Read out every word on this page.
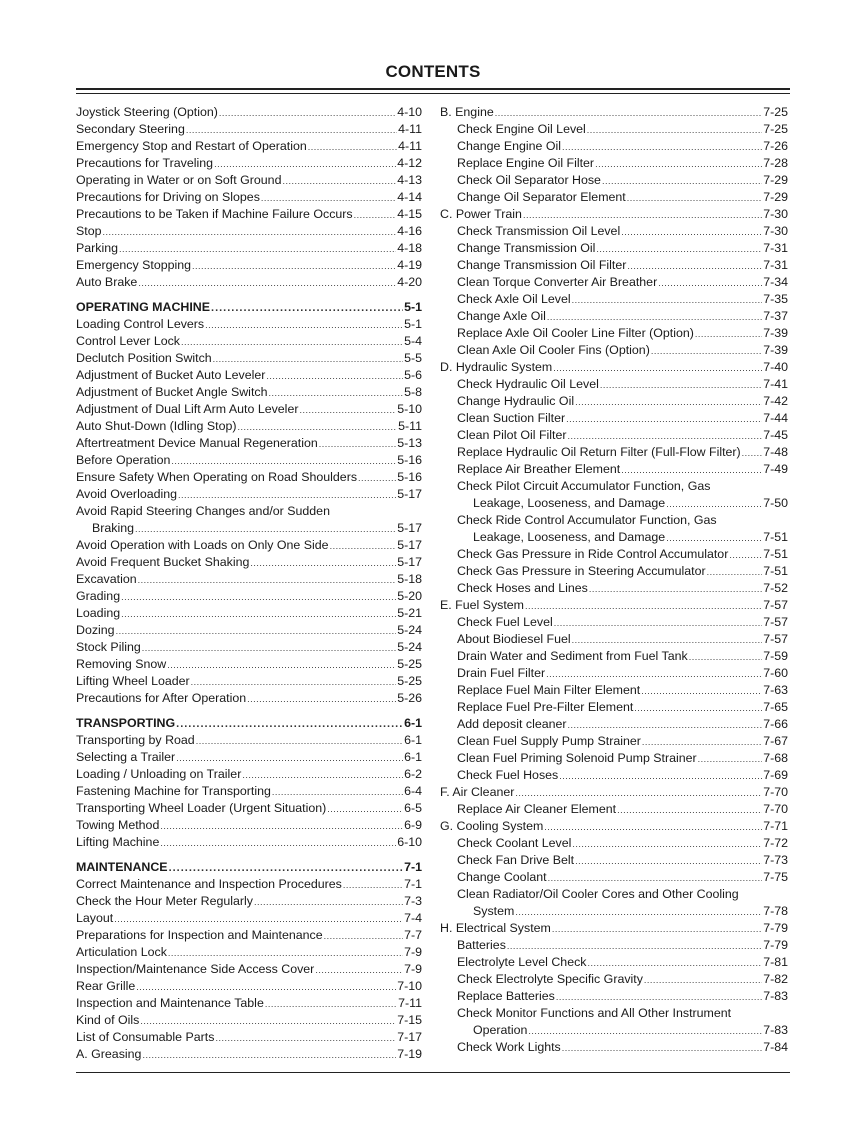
CONTENTS
Joystick Steering (Option) .....	4-10
Secondary Steering .....	4-11
Emergency Stop and Restart of Operation .....	4-11
Precautions for Traveling .....	4-12
Operating in Water or on Soft Ground .....	4-13
Precautions for Driving on Slopes .....	4-14
Precautions to be Taken if Machine Failure Occurs .....	4-15
Stop .....	4-16
Parking .....	4-18
Emergency Stopping .....	4-19
Auto Brake .....	4-20
OPERATING MACHINE .....	5-1
Loading Control Levers .....	5-1
Control Lever Lock .....	5-4
Declutch Position Switch .....	5-5
Adjustment of Bucket Auto Leveler .....	5-6
Adjustment of Bucket Angle Switch .....	5-8
Adjustment of Dual Lift Arm Auto Leveler .....	5-10
Auto Shut-Down (Idling Stop) .....	5-11
Aftertreatment Device Manual Regeneration .....	5-13
Before Operation .....	5-16
Ensure Safety When Operating on Road Shoulders .....	5-16
Avoid Overloading .....	5-17
Avoid Rapid Steering Changes and/or Sudden
Braking .....	5-17
Avoid Operation with Loads on Only One Side .....	5-17
Avoid Frequent Bucket Shaking .....	5-17
Excavation .....	5-18
Grading .....	5-20
Loading .....	5-21
Dozing .....	5-24
Stock Piling .....	5-24
Removing Snow .....	5-25
Lifting Wheel Loader .....	5-25
Precautions for After Operation .....	5-26
TRANSPORTING .....	6-1
Transporting by Road .....	6-1
Selecting a Trailer .....	6-1
Loading / Unloading on Trailer .....	6-2
Fastening Machine for Transporting .....	6-4
Transporting Wheel Loader (Urgent Situation) .....	6-5
Towing Method .....	6-9
Lifting Machine .....	6-10
MAINTENANCE .....	7-1
Correct Maintenance and Inspection Procedures .....	7-1
Check the Hour Meter Regularly .....	7-3
Layout .....	7-4
Preparations for Inspection and Maintenance .....	7-7
Articulation Lock .....	7-9
Inspection/Maintenance Side Access Cover .....	7-9
Rear Grille .....	7-10
Inspection and Maintenance Table .....	7-11
Kind of Oils .....	7-15
List of Consumable Parts .....	7-17
A. Greasing .....	7-19
B. Engine .....	7-25
Check Engine Oil Level .....	7-25
Change Engine Oil .....	7-26
Replace Engine Oil Filter .....	7-28
Check Oil Separator Hose .....	7-29
Change Oil Separator Element .....	7-29
C. Power Train .....	7-30
Check Transmission Oil Level .....	7-30
Change Transmission Oil .....	7-31
Change Transmission Oil Filter .....	7-31
Clean Torque Converter Air Breather .....	7-34
Check Axle Oil Level .....	7-35
Change Axle Oil .....	7-37
Replace Axle Oil Cooler Line Filter (Option) .....	7-39
Clean Axle Oil Cooler Fins (Option) .....	7-39
D. Hydraulic System .....	7-40
Check Hydraulic Oil Level .....	7-41
Change Hydraulic Oil .....	7-42
Clean Suction Filter .....	7-44
Clean Pilot Oil Filter .....	7-45
Replace Hydraulic Oil Return Filter (Full-Flow Filter) ..... 7-48
Replace Air Breather Element .....	7-49
Check Pilot Circuit Accumulator Function, Gas
Leakage, Looseness, and Damage .....	7-50
Check Ride Control Accumulator Function, Gas
Leakage, Looseness, and Damage .....	7-51
Check Gas Pressure in Ride Control Accumulator .....	7-51
Check Gas Pressure in Steering Accumulator .....	7-51
Check Hoses and Lines .....	7-52
E. Fuel System .....	7-57
Check Fuel Level .....	7-57
About Biodiesel Fuel .....	7-57
Drain Water and Sediment from Fuel Tank .....	7-59
Drain Fuel Filter .....	7-60
Replace Fuel Main Filter Element .....	7-63
Replace Fuel Pre-Filter Element .....	7-65
Add deposit cleaner .....	7-66
Clean Fuel Supply Pump Strainer .....	7-67
Clean Fuel Priming Solenoid Pump Strainer .....	7-68
Check Fuel Hoses .....	7-69
F. Air Cleaner .....	7-70
Replace Air Cleaner Element .....	7-70
G. Cooling System .....	7-71
Check Coolant Level .....	7-72
Check Fan Drive Belt .....	7-73
Change Coolant .....	7-75
Clean Radiator/Oil Cooler Cores and Other Cooling
System .....	7-78
H. Electrical System .....	7-79
Batteries .....	7-79
Electrolyte Level Check .....	7-81
Check Electrolyte Specific Gravity .....	7-82
Replace Batteries .....	7-83
Check Monitor Functions and All Other Instrument
Operation .....	7-83
Check Work Lights .....	7-84
